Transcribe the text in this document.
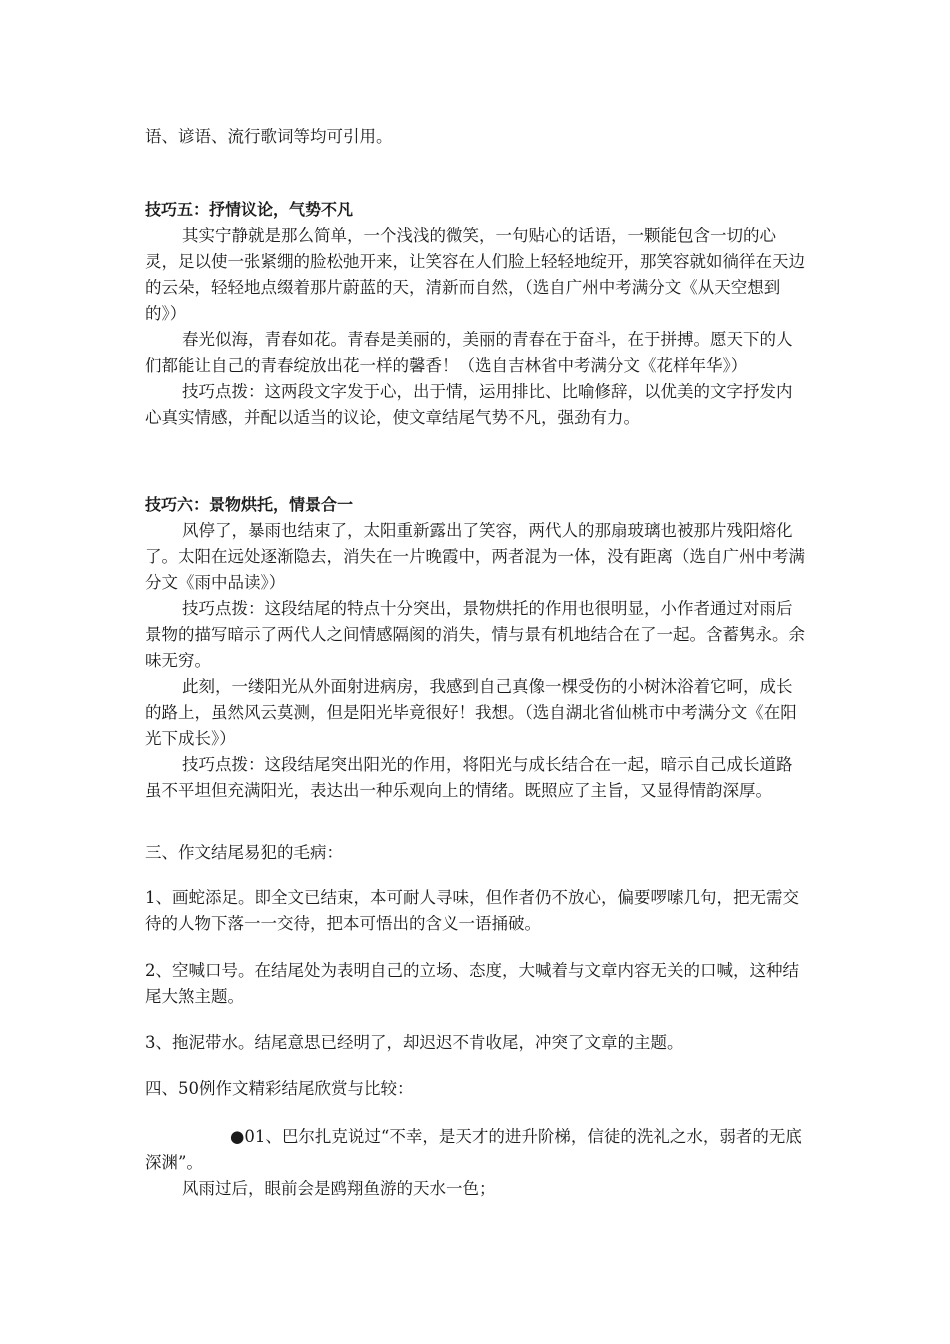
语、谚语、流行歌词等均可引用。

技巧五：抒情议论，气势不凡

其实宁静就是那么简单，一个浅浅的微笑，一句贴心的话语，一颗能包含一切的心灵，足以使一张紧绷的脸松弛开来，让笑容在人们脸上轻轻地绽开，那笑容就如徜徉在天边的云朵，轻轻地点缀着那片蔚蓝的天，清新而自然，（选自广州中考满分文《从天空想到的》）

春光似海，青春如花。青春是美丽的，美丽的青春在于奋斗，在于拼搏。愿天下的人们都能让自己的青春绽放出花一样的馨香！（选自吉林省中考满分文《花样年华》）

技巧点拨：这两段文字发于心，出于情，运用排比、比喻修辞，以优美的文字抒发内心真实情感，并配以适当的议论，使文章结尾气势不凡，强劲有力。

技巧六：景物烘托，情景合一

风停了，暴雨也结束了，太阳重新露出了笑容，两代人的那扇玻璃也被那片残阳熔化了。太阳在远处逐渐隐去，消失在一片晚霞中，两者混为一体，没有距离（选自广州中考满分文《雨中品读》）

技巧点拨：这段结尾的特点十分突出，景物烘托的作用也很明显，小作者通过对雨后景物的描写暗示了两代人之间情感隔阂的消失，情与景有机地结合在了一起。含蓄隽永。余味无穷。

此刻，一缕阳光从外面射进病房，我感到自己真像一棵受伤的小树沐浴着它呵，成长的路上，虽然风云莫测，但是阳光毕竟很好！我想。（选自湖北省仙桃市中考满分文《在阳光下成长》）

技巧点拨：这段结尾突出阳光的作用，将阳光与成长结合在一起，暗示自己成长道路虽不平坦但充满阳光，表达出一种乐观向上的情绪。既照应了主旨，又显得情韵深厚。

三、作文结尾易犯的毛病：

1、画蛇添足。即全文已结束，本可耐人寻味，但作者仍不放心，偏要啰嗦几句，把无需交待的人物下落一一交待，把本可悟出的含义一语捅破。

2、空喊口号。在结尾处为表明自己的立场、态度，大喊着与文章内容无关的口喊，这种结尾大煞主题。

3、拖泥带水。结尾意思已经明了，却迟迟不肯收尾，冲突了文章的主题。

四、50例作文精彩结尾欣赏与比较：

●01、巴尔扎克说过“不幸，是天才的进升阶梯，信徒的洗礼之水，弱者的无底深渊”。

风雨过后，眼前会是鸥翔鱼游的天水一色；
